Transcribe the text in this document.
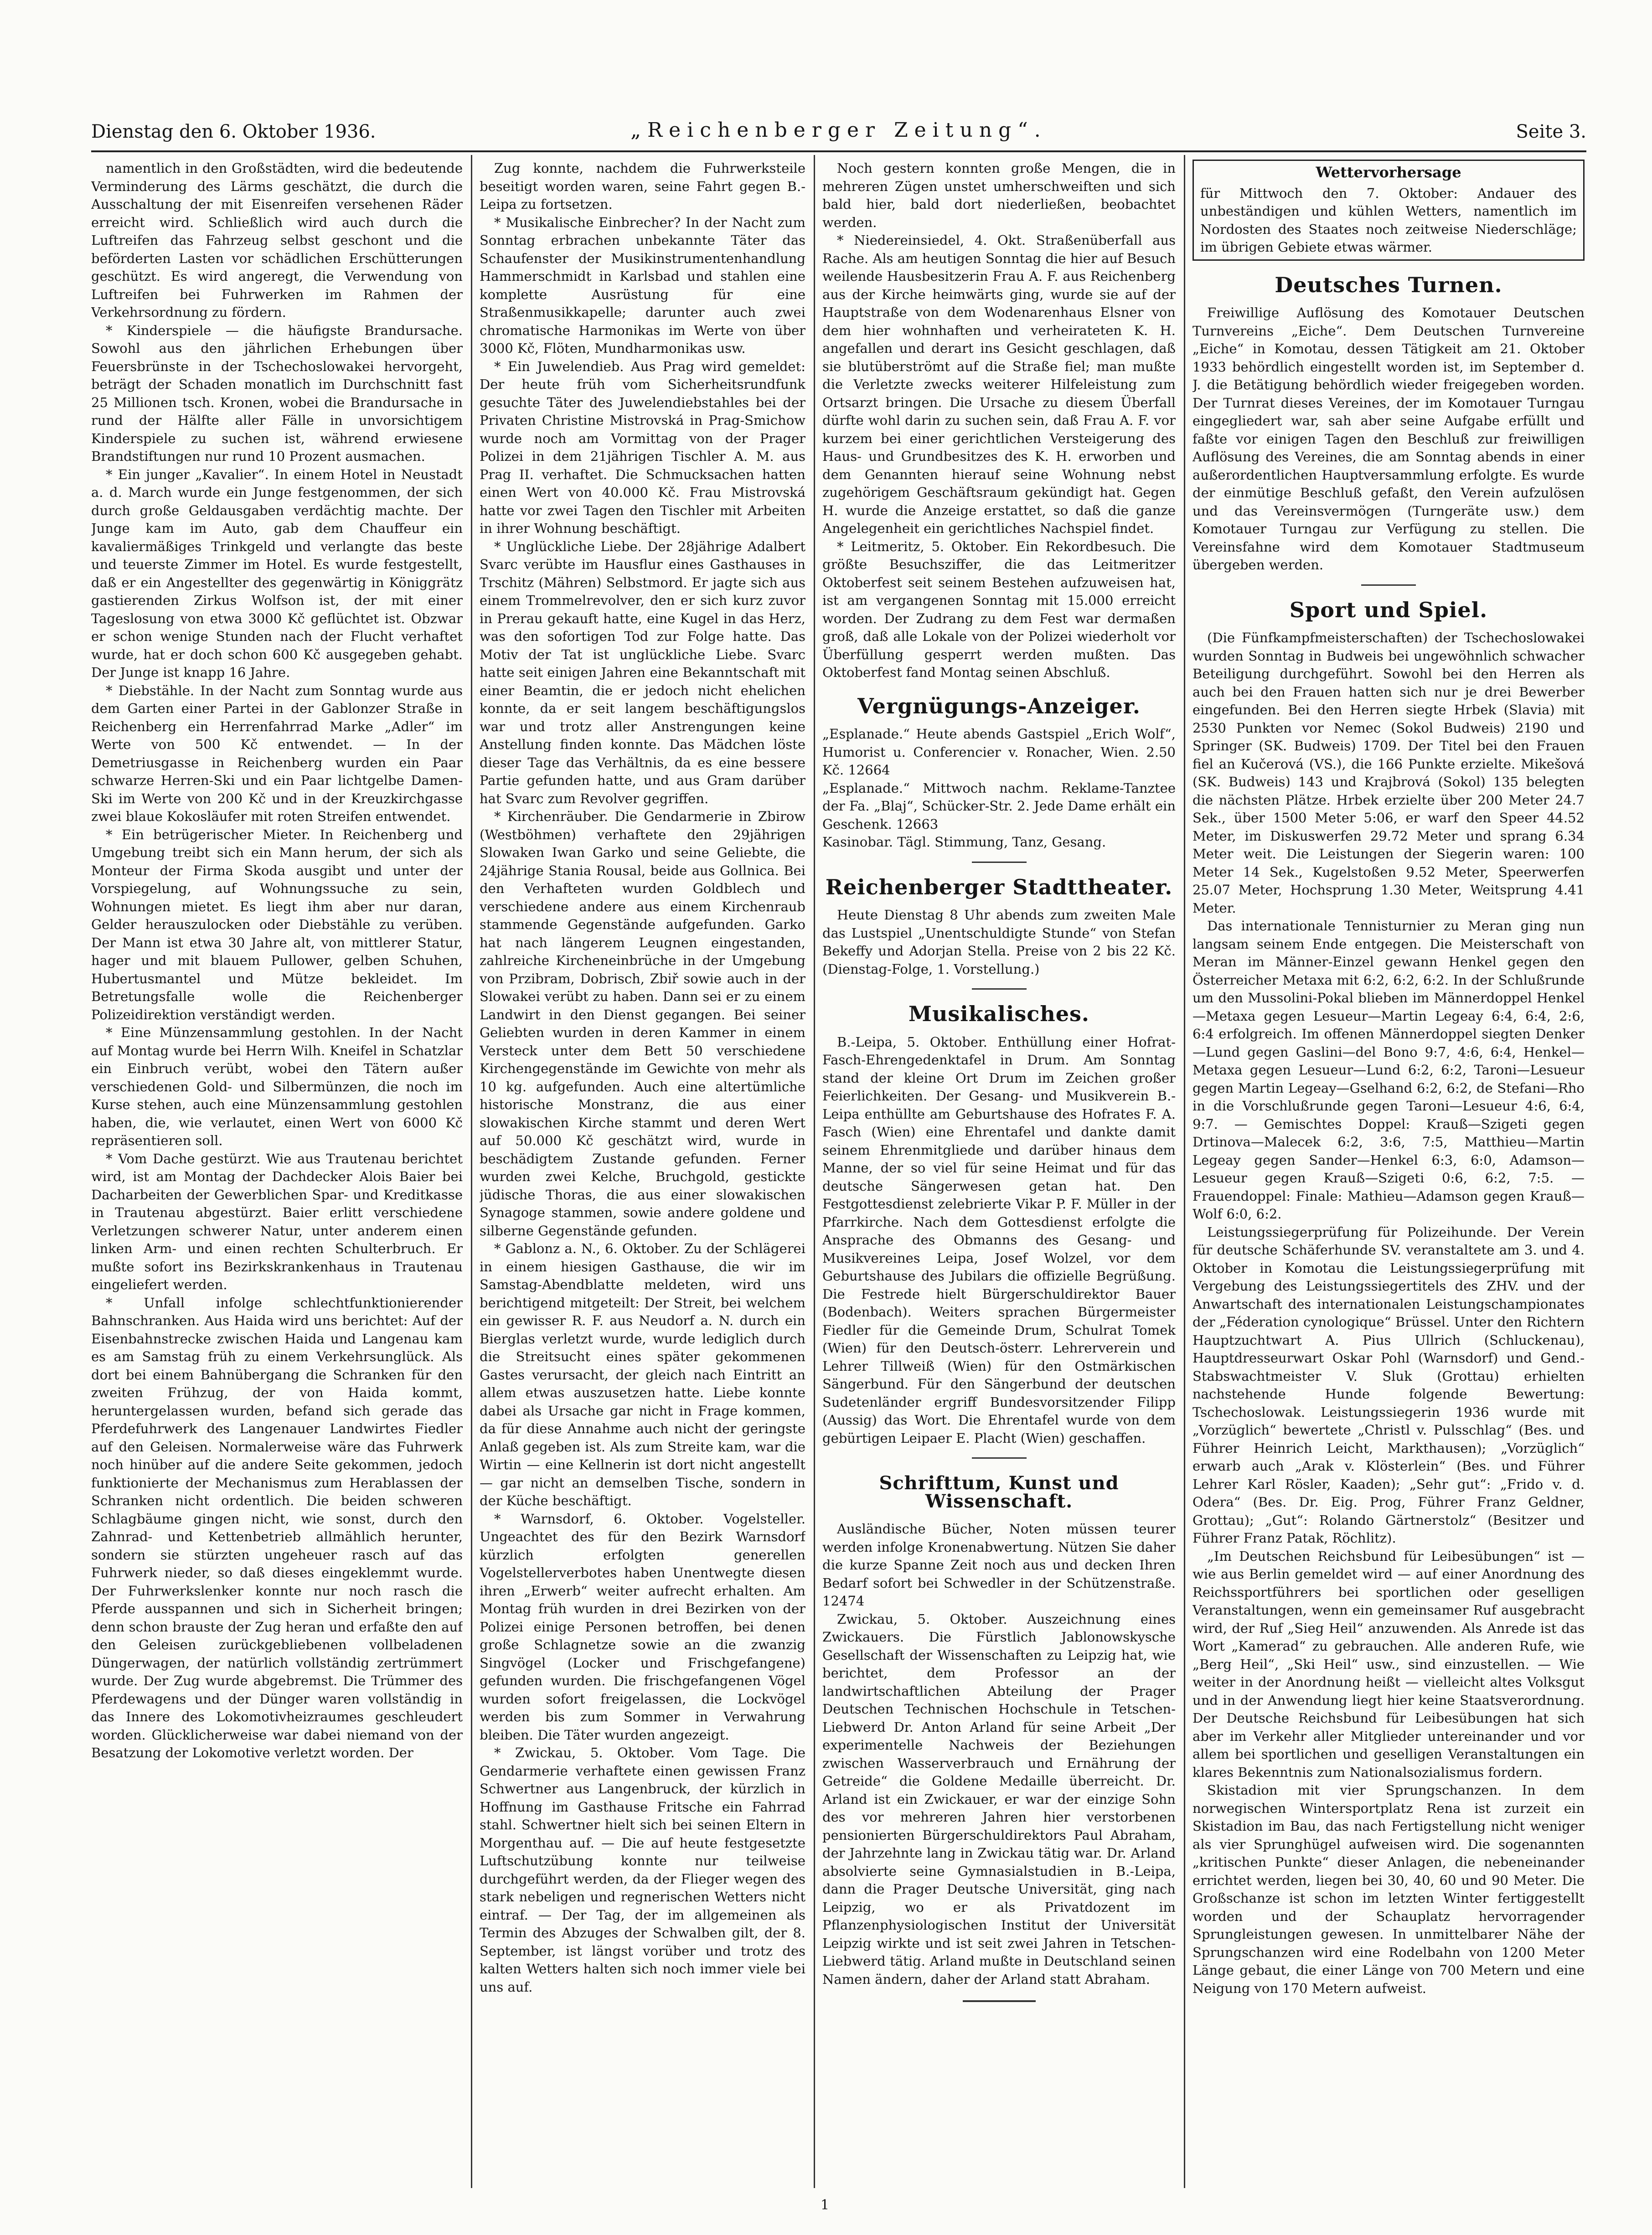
Dienstag den 6. Oktober 1936.	„Reichenberger Zeitung“.	Seite 3.

namentlich in den Großstädten, wird die bedeutende Verminderung des Lärms geschätzt, die durch die Ausschaltung der mit Eisenreifen versehenen Räder erreicht wird. Schließlich wird auch durch die Luftreifen das Fahrzeug selbst geschont und die beförderten Lasten vor schädlichen Erschütterungen geschützt. Es wird angeregt, die Verwendung von Luftreifen bei Fuhrwerken im Rahmen der Verkehrsordnung zu fördern.

* Kinderspiele — die häufigste Brandursache. Sowohl aus den jährlichen Erhebungen über Feuersbrünste in der Tschechoslowakei hervorgeht, beträgt der Schaden monatlich im Durchschnitt fast 25 Millionen tsch. Kronen, wobei die Brandursache in rund der Hälfte aller Fälle in unvorsichtigem Kinderspiele zu suchen ist, während erwiesene Brandstiftungen nur rund 10 Prozent ausmachen.

* Ein junger „Kavalier“. In einem Hotel in Neustadt a. d. March wurde ein Junge festgenommen, der sich durch große Geldausgaben verdächtig machte. Der Junge kam im Auto, gab dem Chauffeur ein kavaliermäßiges Trinkgeld und verlangte das beste und teuerste Zimmer im Hotel. Es wurde festgestellt, daß er ein Angestellter des gegenwärtig in Königgrätz gastierenden Zirkus Wolfson ist, der mit einer Tageslosung von etwa 3000 Kč geflüchtet ist. Obzwar er schon wenige Stunden nach der Flucht verhaftet wurde, hat er doch schon 600 Kč ausgegeben gehabt. Der Junge ist knapp 16 Jahre.

* Diebstähle. In der Nacht zum Sonntag wurde aus dem Garten einer Partei in der Gablonzer Straße in Reichenberg ein Herrenfahrrad Marke „Adler“ im Werte von 500 Kč entwendet. — In der Demetriusgasse in Reichenberg wurden ein Paar schwarze Herren-Ski und ein Paar lichtgelbe Damen-Ski im Werte von 200 Kč und in der Kreuzkirchgasse zwei blaue Kokosläufer mit roten Streifen entwendet.

* Ein betrügerischer Mieter. In Reichenberg und Umgebung treibt sich ein Mann herum, der sich als Monteur der Firma Skoda ausgibt und unter der Vorspiegelung, auf Wohnungssuche zu sein, Wohnungen mietet. Es liegt ihm aber nur daran, Gelder herauszulocken oder Diebstähle zu verüben. Der Mann ist etwa 30 Jahre alt, von mittlerer Statur, hager und mit blauem Pullower, gelben Schuhen, Hubertusmantel und Mütze bekleidet. Im Betretungsfalle wolle die Reichenberger Polizeidirektion verständigt werden.

* Eine Münzensammlung gestohlen. In der Nacht auf Montag wurde bei Herrn Wilh. Kneifel in Schatzlar ein Einbruch verübt, wobei den Tätern außer verschiedenen Gold- und Silbermünzen, die noch im Kurse stehen, auch eine Münzensammlung gestohlen haben, die, wie verlautet, einen Wert von 6000 Kč repräsentieren soll.

* Vom Dache gestürzt. Wie aus Trautenau berichtet wird, ist am Montag der Dachdecker Alois Baier bei Dacharbeiten der Gewerblichen Spar- und Kreditkasse in Trautenau abgestürzt. Baier erlitt verschiedene Verletzungen schwerer Natur, unter anderem einen linken Arm- und einen rechten Schulterbruch. Er mußte sofort ins Bezirkskrankenhaus in Trautenau eingeliefert werden.

* Unfall infolge schlechtfunktionierender Bahnschranken. Aus Haida wird uns berichtet: Auf der Eisenbahnstrecke zwischen Haida und Langenau kam es am Samstag früh zu einem Verkehrsunglück. Als dort bei einem Bahnübergang die Schranken für den zweiten Frühzug, der von Haida kommt, heruntergelassen wurden, befand sich gerade das Pferdefuhrwerk des Langenauer Landwirtes Fiedler auf den Geleisen. Normalerweise wäre das Fuhrwerk noch hinüber auf die andere Seite gekommen, jedoch funktionierte der Mechanismus zum Herablassen der Schranken nicht ordentlich. Die beiden schweren Schlagbäume gingen nicht, wie sonst, durch den Zahnrad- und Kettenbetrieb allmählich herunter, sondern sie stürzten ungeheuer rasch auf das Fuhrwerk nieder, so daß dieses eingeklemmt wurde. Der Fuhrwerkslenker konnte nur noch rasch die Pferde ausspannen und sich in Sicherheit bringen; denn schon brauste der Zug heran und erfaßte den auf den Geleisen zurückgebliebenen vollbeladenen Düngerwagen, der natürlich vollständig zertrümmert wurde. Der Zug wurde abgebremst. Die Trümmer des Pferdewagens und der Dünger waren vollständig in das Innere des Lokomotivheizraumes geschleudert worden. Glücklicherweise war dabei niemand von der Besatzung der Lokomotive verletzt worden. Der

Zug konnte, nachdem die Fuhrwerksteile beseitigt worden waren, seine Fahrt gegen B.-Leipa zu fortsetzen.

* Musikalische Einbrecher? In der Nacht zum Sonntag erbrachen unbekannte Täter das Schaufenster der Musikinstrumentenhandlung Hammerschmidt in Karlsbad und stahlen eine komplette Ausrüstung für eine Straßenmusikkapelle; darunter auch zwei chromatische Harmonikas im Werte von über 3000 Kč, Flöten, Mundharmonikas usw.

* Ein Juwelendieb. Aus Prag wird gemeldet: Der heute früh vom Sicherheitsrundfunk gesuchte Täter des Juwelendiebstahles bei der Privaten Christine Mistrovská in Prag-Smichow wurde noch am Vormittag von der Prager Polizei in dem 21jährigen Tischler A. M. aus Prag II. verhaftet. Die Schmucksachen hatten einen Wert von 40.000 Kč. Frau Mistrovská hatte vor zwei Tagen den Tischler mit Arbeiten in ihrer Wohnung beschäftigt.

* Unglückliche Liebe. Der 28jährige Adalbert Svarc verübte im Hausflur eines Gasthauses in Trschitz (Mähren) Selbstmord. Er jagte sich aus einem Trommelrevolver, den er sich kurz zuvor in Prerau gekauft hatte, eine Kugel in das Herz, was den sofortigen Tod zur Folge hatte. Das Motiv der Tat ist unglückliche Liebe. Svarc hatte seit einigen Jahren eine Bekanntschaft mit einer Beamtin, die er jedoch nicht ehelichen konnte, da er seit langem beschäftigungslos war und trotz aller Anstrengungen keine Anstellung finden konnte. Das Mädchen löste dieser Tage das Verhältnis, da es eine bessere Partie gefunden hatte, und aus Gram darüber hat Svarc zum Revolver gegriffen.

* Kirchenräuber. Die Gendarmerie in Zbirow (Westböhmen) verhaftete den 29jährigen Slowaken Iwan Garko und seine Geliebte, die 24jährige Stania Rousal, beide aus Gollnica. Bei den Verhafteten wurden Goldblech und verschiedene andere aus einem Kirchenraub stammende Gegenstände aufgefunden. Garko hat nach längerem Leugnen eingestanden, zahlreiche Kircheneinbrüche in der Umgebung von Przibram, Dobrisch, Zbiř sowie auch in der Slowakei verübt zu haben. Dann sei er zu einem Landwirt in den Dienst gegangen. Bei seiner Geliebten wurden in deren Kammer in einem Versteck unter dem Bett 50 verschiedene Kirchengegenstände im Gewichte von mehr als 10 kg. aufgefunden. Auch eine altertümliche historische Monstranz, die aus einer slowakischen Kirche stammt und deren Wert auf 50.000 Kč geschätzt wird, wurde in beschädigtem Zustande gefunden. Ferner wurden zwei Kelche, Bruchgold, gestickte jüdische Thoras, die aus einer slowakischen Synagoge stammen, sowie andere goldene und silberne Gegenstände gefunden.

* Gablonz a. N., 6. Oktober. Zu der Schlägerei in einem hiesigen Gasthause, die wir im Samstag-Abendblatte meldeten, wird uns berichtigend mitgeteilt: Der Streit, bei welchem ein gewisser R. F. aus Neudorf a. N. durch ein Bierglas verletzt wurde, wurde lediglich durch die Streitsucht eines später gekommenen Gastes verursacht, der gleich nach Eintritt an allem etwas auszusetzen hatte. Liebe konnte dabei als Ursache gar nicht in Frage kommen, da für diese Annahme auch nicht der geringste Anlaß gegeben ist. Als zum Streite kam, war die Wirtin — eine Kellnerin ist dort nicht angestellt — gar nicht an demselben Tische, sondern in der Küche beschäftigt.

* Warnsdorf, 6. Oktober. Vogelsteller. Ungeachtet des für den Bezirk Warnsdorf kürzlich erfolgten generellen Vogelstellerverbotes haben Unentwegte diesen ihren „Erwerb“ weiter aufrecht erhalten. Am Montag früh wurden in drei Bezirken von der Polizei einige Personen betroffen, bei denen große Schlagnetze sowie an die zwanzig Singvögel (Locker und Frischgefangene) gefunden wurden. Die frischgefangenen Vögel wurden sofort freigelassen, die Lockvögel werden bis zum Sommer in Verwahrung bleiben. Die Täter wurden angezeigt.

* Zwickau, 5. Oktober. Vom Tage. Die Gendarmerie verhaftete einen gewissen Franz Schwertner aus Langenbruck, der kürzlich in Hoffnung im Gasthause Fritsche ein Fahrrad stahl. Schwertner hielt sich bei seinen Eltern in Morgenthau auf. — Die auf heute festgesetzte Luftschutzübung konnte nur teilweise durchgeführt werden, da der Flieger wegen des stark nebeligen und regnerischen Wetters nicht eintraf. — Der Tag, der im allgemeinen als Termin des Abzuges der Schwalben gilt, der 8. September, ist längst vorüber und trotz des kalten Wetters halten sich noch immer viele bei uns auf.

Noch gestern konnten große Mengen, die in mehreren Zügen unstet umherschweiften und sich bald hier, bald dort niederließen, beobachtet werden.

* Niedereinsiedel, 4. Okt. Straßenüberfall aus Rache. Als am heutigen Sonntag die hier auf Besuch weilende Hausbesitzerin Frau A. F. aus Reichenberg aus der Kirche heimwärts ging, wurde sie auf der Hauptstraße von dem Wodenarenhaus Elsner von dem hier wohnhaften und verheirateten K. H. angefallen und derart ins Gesicht geschlagen, daß sie blutüberströmt auf die Straße fiel; man mußte die Verletzte zwecks weiterer Hilfeleistung zum Ortsarzt bringen. Die Ursache zu diesem Überfall dürfte wohl darin zu suchen sein, daß Frau A. F. vor kurzem bei einer gerichtlichen Versteigerung des Haus- und Grundbesitzes des K. H. erworben und dem Genannten hierauf seine Wohnung nebst zugehörigem Geschäftsraum gekündigt hat. Gegen H. wurde die Anzeige erstattet, so daß die ganze Angelegenheit ein gerichtliches Nachspiel findet.

* Leitmeritz, 5. Oktober. Ein Rekordbesuch. Die größte Besuchsziffer, die das Leitmeritzer Oktoberfest seit seinem Bestehen aufzuweisen hat, ist am vergangenen Sonntag mit 15.000 erreicht worden. Der Zudrang zu dem Fest war dermaßen groß, daß alle Lokale von der Polizei wiederholt vor Überfüllung gesperrt werden mußten. Das Oktoberfest fand Montag seinen Abschluß.

Vergnügungs-Anzeiger.

„Esplanade.“ Heute abends Gastspiel „Erich Wolf“, Humorist u. Conferencier v. Ronacher, Wien. 2.50 Kč. 12664

„Esplanade.“ Mittwoch nachm. Reklame-Tanztee der Fa. „Blaj“, Schücker-Str. 2. Jede Dame erhält ein Geschenk. 12663

Kasinobar. Tägl. Stimmung, Tanz, Gesang.

Reichenberger Stadttheater.

Heute Dienstag 8 Uhr abends zum zweiten Male das Lustspiel „Unentschuldigte Stunde“ von Stefan Bekeffy und Adorjan Stella. Preise von 2 bis 22 Kč. (Dienstag-Folge, 1. Vorstellung.)

Musikalisches.

B.-Leipa, 5. Oktober. Enthüllung einer Hofrat-Fasch-Ehrengedenktafel in Drum. Am Sonntag stand der kleine Ort Drum im Zeichen großer Feierlichkeiten. Der Gesang- und Musikverein B.-Leipa enthüllte am Geburtshause des Hofrates F. A. Fasch (Wien) eine Ehrentafel und dankte damit seinem Ehrenmitgliede und darüber hinaus dem Manne, der so viel für seine Heimat und für das deutsche Sängerwesen getan hat. Den Festgottesdienst zelebrierte Vikar P. F. Müller in der Pfarrkirche. Nach dem Gottesdienst erfolgte die Ansprache des Obmanns des Gesang- und Musikvereines Leipa, Josef Wolzel, vor dem Geburtshause des Jubilars die offizielle Begrüßung. Die Festrede hielt Bürgerschuldirektor Bauer (Bodenbach). Weiters sprachen Bürgermeister Fiedler für die Gemeinde Drum, Schulrat Tomek (Wien) für den Deutsch-österr. Lehrerverein und Lehrer Tillweiß (Wien) für den Ostmärkischen Sängerbund. Für den Sängerbund der deutschen Sudetenländer ergriff Bundesvorsitzender Filipp (Aussig) das Wort. Die Ehrentafel wurde von dem gebürtigen Leipaer E. Placht (Wien) geschaffen.

Schrifttum, Kunst und Wissenschaft.

Ausländische Bücher, Noten müssen teurer werden infolge Kronenabwertung. Nützen Sie daher die kurze Spanne Zeit noch aus und decken Ihren Bedarf sofort bei Schwedler in der Schützenstraße. 12474

Zwickau, 5. Oktober. Auszeichnung eines Zwickauers. Die Fürstlich Jablonowskysche Gesellschaft der Wissenschaften zu Leipzig hat, wie berichtet, dem Professor an der landwirtschaftlichen Abteilung der Prager Deutschen Technischen Hochschule in Tetschen-Liebwerd Dr. Anton Arland für seine Arbeit „Der experimentelle Nachweis der Beziehungen zwischen Wasserverbrauch und Ernährung der Getreide“ die Goldene Medaille überreicht. Dr. Arland ist ein Zwickauer, er war der einzige Sohn des vor mehreren Jahren hier verstorbenen pensionierten Bürgerschuldirektors Paul Abraham, der Jahrzehnte lang in Zwickau tätig war. Dr. Arland absolvierte seine Gymnasialstudien in B.-Leipa, dann die Prager Deutsche Universität, ging nach Leipzig, wo er als Privatdozent im Pflanzenphysiologischen Institut der Universität Leipzig wirkte und ist seit zwei Jahren in Tetschen-Liebwerd tätig. Arland mußte in Deutschland seinen Namen ändern, daher der Arland statt Abraham.

Wettervorhersage

für Mittwoch den 7. Oktober: Andauer des unbeständigen und kühlen Wetters, namentlich im Nordosten des Staates noch zeitweise Niederschläge; im übrigen Gebiete etwas wärmer.

Deutsches Turnen.

Freiwillige Auflösung des Komotauer Deutschen Turnvereins „Eiche“. Dem Deutschen Turnvereine „Eiche“ in Komotau, dessen Tätigkeit am 21. Oktober 1933 behördlich eingestellt worden ist, im September d. J. die Betätigung behördlich wieder freigegeben worden. Der Turnrat dieses Vereines, der im Komotauer Turngau eingegliedert war, sah aber seine Aufgabe erfüllt und faßte vor einigen Tagen den Beschluß zur freiwilligen Auflösung des Vereines, die am Sonntag abends in einer außerordentlichen Hauptversammlung erfolgte. Es wurde der einmütige Beschluß gefaßt, den Verein aufzulösen und das Vereinsvermögen (Turngeräte usw.) dem Komotauer Turngau zur Verfügung zu stellen. Die Vereinsfahne wird dem Komotauer Stadtmuseum übergeben werden.

Sport und Spiel.

(Die Fünfkampfmeisterschaften) der Tschechoslowakei wurden Sonntag in Budweis bei ungewöhnlich schwacher Beteiligung durchgeführt. Sowohl bei den Herren als auch bei den Frauen hatten sich nur je drei Bewerber eingefunden. Bei den Herren siegte Hrbek (Slavia) mit 2530 Punkten vor Nemec (Sokol Budweis) 2190 und Springer (SK. Budweis) 1709. Der Titel bei den Frauen fiel an Kučerová (VS.), die 166 Punkte erzielte. Mikešová (SK. Budweis) 143 und Krajbrová (Sokol) 135 belegten die nächsten Plätze. Hrbek erzielte über 200 Meter 24.7 Sek., über 1500 Meter 5:06, er warf den Speer 44.52 Meter, im Diskuswerfen 29.72 Meter und sprang 6.34 Meter weit. Die Leistungen der Siegerin waren: 100 Meter 14 Sek., Kugelstoßen 9.52 Meter, Speerwerfen 25.07 Meter, Hochsprung 1.30 Meter, Weitsprung 4.41 Meter.

Das internationale Tennisturnier zu Meran ging nun langsam seinem Ende entgegen. Die Meisterschaft von Meran im Männer-Einzel gewann Henkel gegen den Österreicher Metaxa mit 6:2, 6:2, 6:2. In der Schlußrunde um den Mussolini-Pokal blieben im Männerdoppel Henkel—Metaxa gegen Lesueur—Martin Legeay 6:4, 6:4, 2:6, 6:4 erfolgreich. Im offenen Männerdoppel siegten Denker—Lund gegen Gaslini—del Bono 9:7, 4:6, 6:4, Henkel—Metaxa gegen Lesueur—Lund 6:2, 6:2, Taroni—Lesueur gegen Martin Legeay—Gselhand 6:2, 6:2, de Stefani—Rho in die Vorschlußrunde gegen Taroni—Lesueur 4:6, 6:4, 9:7. — Gemischtes Doppel: Krauß—Szigeti gegen Drtinova—Malecek 6:2, 3:6, 7:5, Matthieu—Martin Legeay gegen Sander—Henkel 6:3, 6:0, Adamson—Lesueur gegen Krauß—Szigeti 0:6, 6:2, 7:5. — Frauendoppel: Finale: Mathieu—Adamson gegen Krauß—Wolf 6:0, 6:2.

Leistungssiegerprüfung für Polizeihunde. Der Verein für deutsche Schäferhunde SV. veranstaltete am 3. und 4. Oktober in Komotau die Leistungssiegerprüfung mit Vergebung des Leistungssiegertitels des ZHV. und der Anwartschaft des internationalen Leistungschampionates der „Féderation cynologique“ Brüssel. Unter den Richtern Hauptzuchtwart A. Pius Ullrich (Schluckenau), Hauptdresseurwart Oskar Pohl (Warnsdorf) und Gend.-Stabswachtmeister V. Sluk (Grottau) erhielten nachstehende Hunde folgende Bewertung: Tschechoslowak. Leistungssiegerin 1936 wurde mit „Vorzüglich“ bewertete „Christl v. Pulsschlag“ (Bes. und Führer Heinrich Leicht, Markthausen); „Vorzüglich“ erwarb auch „Arak v. Klösterlein“ (Bes. und Führer Lehrer Karl Rösler, Kaaden); „Sehr gut“: „Frido v. d. Odera“ (Bes. Dr. Eig. Prog, Führer Franz Geldner, Grottau); „Gut“: Rolando Gärtnerstolz“ (Besitzer und Führer Franz Patak, Röchlitz).

„Im Deutschen Reichsbund für Leibesübungen“ ist — wie aus Berlin gemeldet wird — auf einer Anordnung des Reichssportführers bei sportlichen oder geselligen Veranstaltungen, wenn ein gemeinsamer Ruf ausgebracht wird, der Ruf „Sieg Heil“ anzuwenden. Als Anrede ist das Wort „Kamerad“ zu gebrauchen. Alle anderen Rufe, wie „Berg Heil“, „Ski Heil“ usw., sind einzustellen. — Wie weiter in der Anordnung heißt — vielleicht altes Volksgut und in der Anwendung liegt hier keine Staatsverordnung. Der Deutsche Reichsbund für Leibesübungen hat sich aber im Verkehr aller Mitglieder untereinander und vor allem bei sportlichen und geselligen Veranstaltungen ein klares Bekenntnis zum Nationalsozialismus fordern.

Skistadion mit vier Sprungschanzen. In dem norwegischen Wintersportplatz Rena ist zurzeit ein Skistadion im Bau, das nach Fertigstellung nicht weniger als vier Sprunghügel aufweisen wird. Die sogenannten „kritischen Punkte“ dieser Anlagen, die nebeneinander errichtet werden, liegen bei 30, 40, 60 und 90 Meter. Die Großschanze ist schon im letzten Winter fertiggestellt worden und der Schauplatz hervorragender Sprungleistungen gewesen. In unmittelbarer Nähe der Sprungschanzen wird eine Rodelbahn von 1200 Meter Länge gebaut, die einer Länge von 700 Metern und eine Neigung von 170 Metern aufweist.

1
